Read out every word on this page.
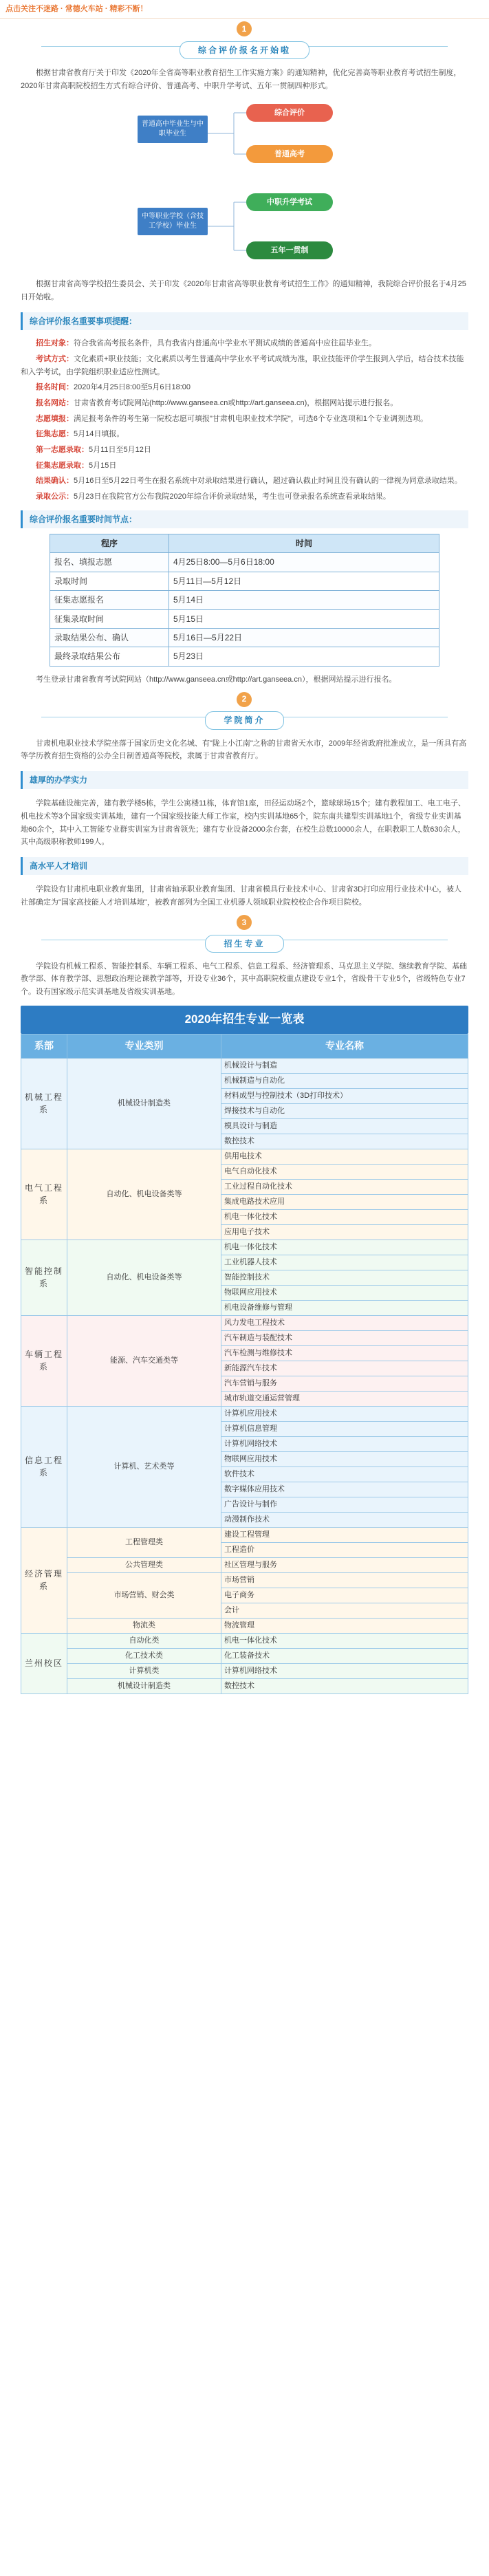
点击关注不迷路 · 常德火车站 · 精彩不断！
1
综合评价报名开始啦
根据甘肃省教育厅关于印发《2020年全省高等职业教育招生工作实施方案》的通知精神，优化完善高等职业教育考试招生制度，2020年甘肃高职院校招生方式有综合评价、普通高考、中职升学考试、五年一贯制四种形式。
普通高中毕业生与中职毕业生
中等职业学校（含技工学校）毕业生
综合评价
普通高考
中职升学考试
五年一贯制
根据甘肃省高等学校招生委员会、关于印发《2020年甘肃省高等职业教育考试招生工作》的通知精神，我院综合评价报名于4月25日开始啦。
综合评价报名重要事项提醒：
招生对象：符合我省高考报名条件，具有我省内普通高中学业水平测试成绩的普通高中应往届毕业生。
考试方式：文化素质+职业技能；文化素质以考生普通高中学业水平考试成绩为准，职业技能评价学生报到入学后，结合技术技能和入学考试，由学院组织职业适应性测试。
报名时间：2020年4月25日8:00至5月6日18:00
报名网站：甘肃省教育考试院网站(http://www.ganseea.cn或http://art.ganseea.cn)，根据网站提示进行报名。
志愿填报：满足报考条件的考生第一院校志愿可填报"甘肃机电职业技术学院"，可选6个专业选项和1个专业调剂选项。
征集志愿：5月14日填报。
第一志愿录取：5月11日至5月12日
征集志愿录取：5月15日
结果确认：5月16日至5月22日考生在报名系统中对录取结果进行确认，超过确认截止时间且没有确认的一律视为同意录取结果。
录取公示：5月23日在我院官方公布我院2020年综合评价录取结果，考生也可登录报名系统查看录取结果。
综合评价报名重要时间节点：
程序	时间
报名、填报志愿	4月25日8:00—5月6日18:00
录取时间	5月11日—5月12日
征集志愿报名	5月14日
征集录取时间	5月15日
录取结果公布、确认	5月16日—5月22日
最终录取结果公布	5月23日
考生登录甘肃省教育考试院网站（http://www.ganseea.cn或http://art.ganseea.cn），根据网站提示进行报名。
2
学院简介
甘肃机电职业技术学院坐落于国家历史文化名城、有"陇上小江南"之称的甘肃省天水市，2009年经省政府批准成立，是一所具有高等学历教育招生资格的公办全日制普通高等院校，隶属于甘肃省教育厅。
雄厚的办学实力
学院基础设施完善，建有教学楼5栋，学生公寓楼11栋，体育馆1座，田径运动场2个，篮球球场15个；建有教程加工、电工电子、机电技术等3个国家级实训基地，建有一个国家级技能大师工作室，校内实训基地65个，院东南共建型实训基地1个，省级专业实训基地60余个，其中入工智能专业群实训室为甘肃省领先；建有专业设备2000余台套，在校生总数10000余人，在职教职工人数630余人，其中高级职称教师199人。
高水平人才培训
学院设有甘肃机电职业教育集团，甘肃省轴承职业教育集团、甘肃省模具行业技术中心、甘肃省3D打印应用行业技术中心，被人社部确定为"国家高技能人才培训基地"，被教育部列为全国工业机器人领域职业院校校企合作项目院校。
3
招生专业
学院设有机械工程系、智能控制系、车辆工程系、电气工程系、信息工程系、经济管理系、马克思主义学院、继续教育学院、基础教学部、体育教学部、思想政治理论课教学部等，开设专业36个，其中高职院校重点建设专业1个，省级骨干专业5个，省级特色专业7个。设有国家级示范实训基地及省级实训基地。
2020年招生专业一览表
系部	专业类别	专业名称
机械工程系	机械设计制造类	机械设计与制造
		机械制造与自动化
		材料成型与控制技术（3D打印技术）
		焊接技术与自动化
		模具设计与制造
		数控技术
电气工程系	自动化、机电设备类等	供用电技术
		电气自动化技术
		工业过程自动化技术
		集成电路技术应用
		机电一体化技术
		应用电子技术
智能控制系	自动化、机电设备类等	机电一体化技术
		工业机器人技术
		智能控制技术
		物联网应用技术
		机电设备维修与管理
车辆工程系	能源、汽车交通类等	风力发电工程技术
		汽车制造与装配技术
		汽车检测与维修技术
		新能源汽车技术
		汽车营销与服务
		城市轨道交通运营管理
信息工程系	计算机、艺术类等	计算机应用技术
		计算机信息管理
		计算机网络技术
		物联网应用技术
		软件技术
		数字媒体应用技术
		广告设计与制作
		动漫制作技术
经济管理系	工程管理类	建设工程管理
		工程造价
	公共管理类	社区管理与服务
	市场营销、财会类	市场营销
		电子商务
		会计
	物流类	物流管理
兰州校区	自动化类	机电一体化技术
	化工技术类	化工装备技术
	计算机类	计算机网络技术
	机械设计制造类	数控技术
